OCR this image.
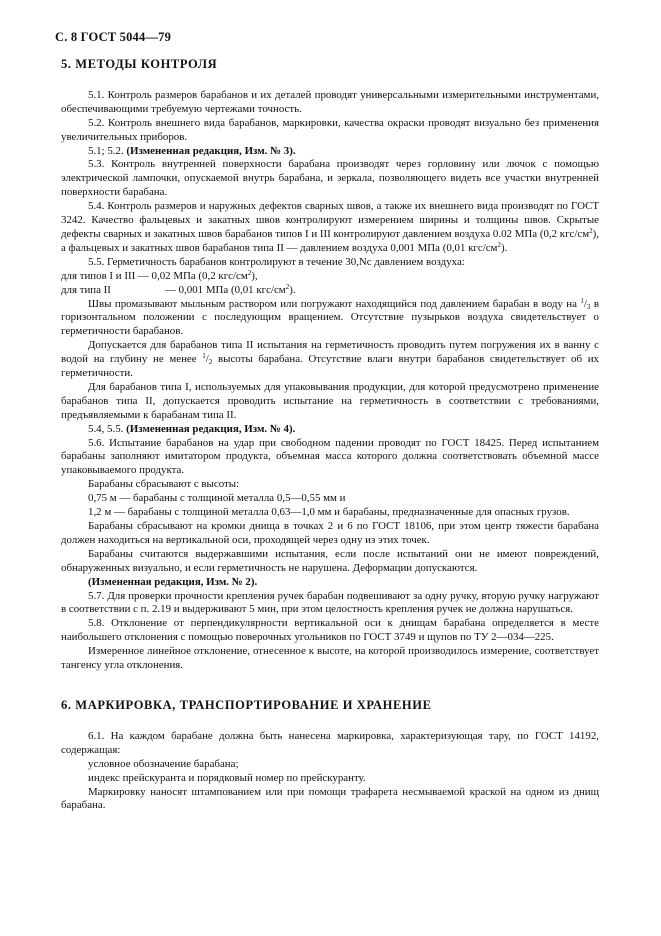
С. 8 ГОСТ 5044—79

5. МЕТОДЫ КОНТРОЛЯ

5.1. Контроль размеров барабанов и их деталей проводят универсальными измерительными инструментами, обеспечивающими требуемую чертежами точность.

5.2. Контроль внешнего вида барабанов, маркировки, качества окраски проводят визуально без применения увеличительных приборов.

5.1; 5.2. (Измененная редакция, Изм. № 3).

5.3. Контроль внутренней поверхности барабана производят через горловину или лючок с помощью электрической лампочки, опускаемой внутрь барабана, и зеркала, позволяющего видеть все участки внутренней поверхности барабана.

5.4. Контроль размеров и наружных дефектов сварных швов, а также их внешнего вида производят по ГОСТ 3242. Качество фальцевых и закатных швов контролируют измерением ширины и толщины швов. Скрытые дефекты сварных и закатных швов барабанов типов I и III контролируют давлением воздуха 0.02 МПа (0,2 кгс/$см^2$), а фальцевых и закатных швов барабанов типа II — давлением воздуха 0,001 МПа (0,01 кгс/$см^2$).

5.5. Герметичность барабанов контролируют в течение 30,Nc давлением воздуха:

для типов I и III — 0,02 МПа (0,2 кгс/$см^2$),

для типа II	— 0,001 МПа (0,01 кгс/$см^2$).

Швы промазывают мыльным раствором или погружают находящийся под давлением барабан в воду на $^1/_3$ в горизонтальном положении с последующим вращением. Отсутствие пузырьков воздуха свидетельствует о герметичности барабанов.

Допускается для барабанов типа II испытания на герметичность проводить путем погружения их в ванну с водой на глубину не менее $^1/_2$ высоты барабана. Отсутствие влаги внутри барабанов свидетельствует об их герметичности.

Для барабанов типа I, используемых для упаковывания продукции, для которой предусмотрено применение барабанов типа II, допускается проводить испытание на герметичность в соответствии с требованиями, предъявляемыми к барабанам типа II.

5.4, 5.5. (Измененная редакция, Изм. № 4).

5.6. Испытание барабанов на удар при свободном падении проводят по ГОСТ 18425. Перед испытанием барабаны заполняют имитатором продукта, объемная масса которого должна соответствовать объемной массе упаковываемого продукта.

Барабаны сбрасывают с высоты:

0,75 м — барабаны с толщиной металла 0,5—0,55 мм и

1,2 м — барабаны с толщиной металла 0,63—1,0 мм и барабаны, предназначенные для опасных грузов.

Барабаны сбрасывают на кромки днища в точках 2 и 6 по ГОСТ 18106, при этом центр тяжести барабана должен находиться на вертикальной оси, проходящей через одну из этих точек.

Барабаны считаются выдержавшими испытания, если после испытаний они не имеют повреждений, обнаруженных визуально, и если герметичность не нарушена. Деформации допускаются.

(Измененная редакция, Изм. № 2).

5.7. Для проверки прочности крепления ручек барабан подвешивают за одну ручку, вторую ручку нагружают в соответствии с п. 2.19 и выдерживают 5 мин, при этом целостность крепления ручек не должна нарушаться.

5.8. Отклонение от перпендикулярности вертикальной оси к днищам барабана определяется в месте наибольшего отклонения с помощью поверочных угольников по ГОСТ 3749 и щупов по ТУ 2—034—225.

Измеренное линейное отклонение, отнесенное к высоте, на которой производилось измерение, соответствует тангенсу угла отклонения.

6. МАРКИРОВКА, ТРАНСПОРТИРОВАНИЕ И ХРАНЕНИЕ

6.1. На каждом барабане должна быть нанесена маркировка, характеризующая тару, по ГОСТ 14192, содержащая:

условное обозначение барабана;

индекс прейскуранта и порядковый номер по прейскуранту.

Маркировку наносят штампованием или при помощи трафарета несмываемой краской на одном из днищ барабана.
